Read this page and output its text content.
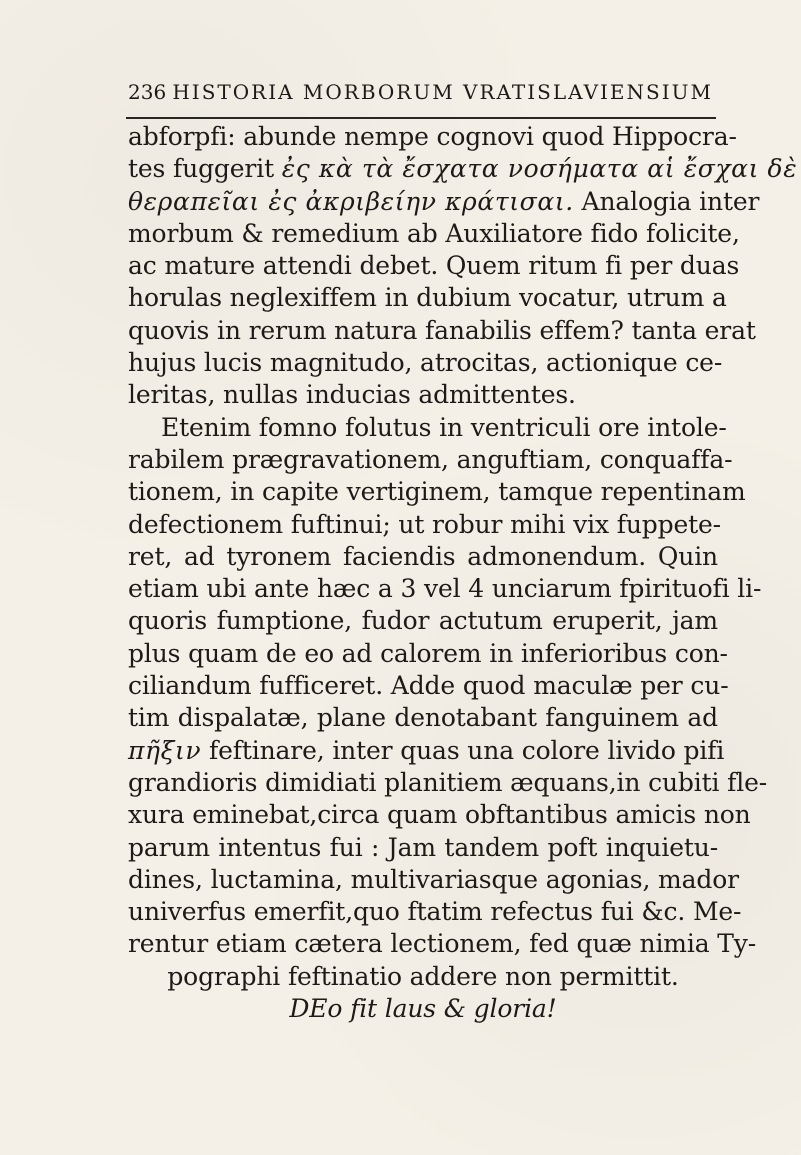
236 HISTORIA MORBORUM VRATISLAVIENSIUM
abforpfi: abunde nempe cognovi quod Hippocra-
tes fuggerit ἐς κὰ τὰ ἔσχατα νοσήματα αἱ ἔσχαι δὲ
θεραπεῖαι ἐς ἀκριβείην κράτισαι. Analogia inter
morbum & remedium ab Auxiliatore fido folicite,
ac mature attendi debet. Quem ritum fi per duas
horulas neglexiffem in dubium vocatur, utrum a
quovis in rerum natura fanabilis effem? tanta erat
hujus lucis magnitudo, atrocitas, actionique ce-
leritas, nullas inducias admittentes.
Etenim fomno folutus in ventriculi ore intole-
rabilem prægravationem, anguftiam, conquaffa-
tionem, in capite vertiginem, tamque repentinam
defectionem fuftinui; ut robur mihi vix fuppete-
ret, ad tyronem faciendis admonendum. Quin
etiam ubi ante hæc a 3 vel 4 unciarum fpirituofi li-
quoris fumptione, fudor actutum eruperit, jam
plus quam de eo ad calorem in inferioribus con-
ciliandum fufficeret. Adde quod maculæ per cu-
tim dispalatæ, plane denotabant fanguinem ad
πῆξιν feftinare, inter quas una colore livido pifi
grandioris dimidiati planitiem æquans,in cubiti fle-
xura eminebat,circa quam obftantibus amicis non
parum intentus fui : Jam tandem poft inquietu-
dines, luctamina, multivariasque agonias, mador
univerfus emerfit,quo ftatim refectus fui &c. Me-
rentur etiam cætera lectionem, fed quæ nimia Ty-
pographi feftinatio addere non permittit.
DEo fit laus & gloria!
